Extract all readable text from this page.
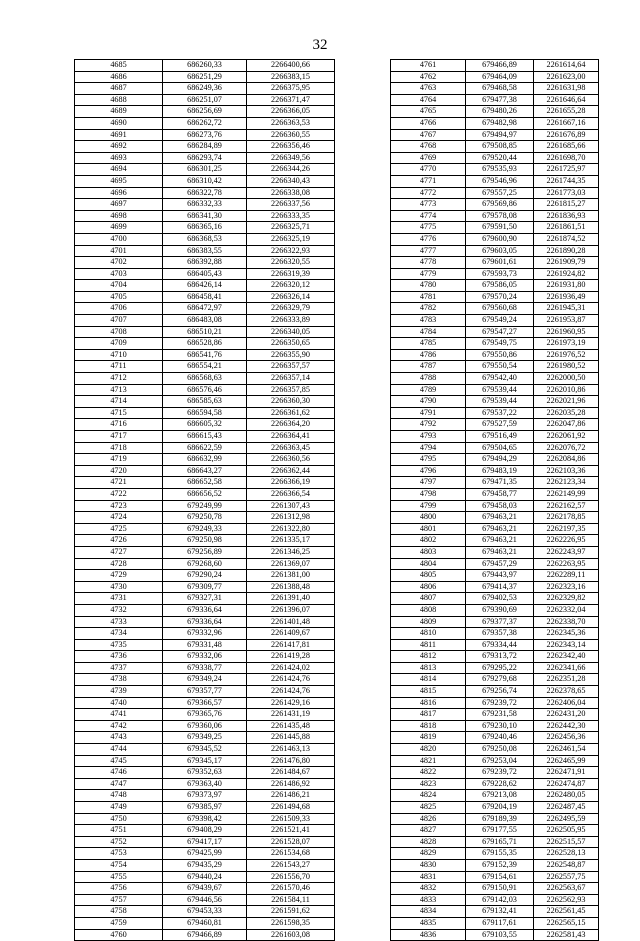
32
4685	686260,33	2266400,66
4686	686251,29	2266383,15
4687	686249,36	2266375,95
4688	686251,07	2266371,47
4689	686256,69	2266366,05
4690	686262,72	2266363,53
4691	686273,76	2266360,55
4692	686284,89	2266356,46
4693	686293,74	2266349,56
4694	686301,25	2266344,26
4695	686310,42	2266340,43
4696	686322,78	2266338,08
4697	686332,33	2266337,56
4698	686341,30	2266333,35
4699	686365,16	2266325,71
4700	686368,53	2266325,19
4701	686383,55	2266322,93
4702	686392,88	2266320,55
4703	686405,43	2266319,39
4704	686426,14	2266320,12
4705	686458,41	2266326,14
4706	686472,97	2266329,79
4707	686483,08	2266333,89
4708	686510,21	2266340,05
4709	686528,86	2266350,65
4710	686541,76	2266355,90
4711	686554,21	2266357,57
4712	686568,63	2266357,14
4713	686576,46	2266357,85
4714	686585,63	2266360,30
4715	686594,58	2266361,62
4716	686605,32	2266364,20
4717	686615,43	2266364,41
4718	686622,59	2266363,45
4719	686632,99	2266360,56
4720	686643,27	2266362,44
4721	686652,58	2266366,19
4722	686656,52	2266366,54
4723	679249,99	2261307,43
4724	679250,78	2261312,98
4725	679249,33	2261322,80
4726	679250,98	2261335,17
4727	679256,89	2261346,25
4728	679268,60	2261369,07
4729	679290,24	2261381,00
4730	679309,77	2261388,48
4731	679327,31	2261391,40
4732	679336,64	2261396,07
4733	679336,64	2261401,48
4734	679332,96	2261409,67
4735	679331,48	2261417,81
4736	679332,06	2261419,28
4737	679338,77	2261424,02
4738	679349,24	2261424,76
4739	679357,77	2261424,76
4740	679366,57	2261429,16
4741	679365,76	2261431,19
4742	679360,06	2261435,48
4743	679349,25	2261445,88
4744	679345,52	2261463,13
4745	679345,17	2261476,80
4746	679352,63	2261484,67
4747	679363,40	2261486,92
4748	679373,97	2261486,21
4749	679385,97	2261494,68
4750	679398,42	2261509,33
4751	679408,29	2261521,41
4752	679417,17	2261528,07
4753	679425,99	2261534,68
4754	679435,29	2261543,27
4755	679440,24	2261556,70
4756	679439,67	2261570,46
4757	679446,56	2261584,11
4758	679453,33	2261591,62
4759	679460,81	2261598,35
4760	679466,89	2261603,08
4761	679466,89	2261614,64
4762	679464,09	2261623,00
4763	679468,58	2261631,98
4764	679477,38	2261646,64
4765	679480,26	2261655,28
4766	679482,98	2261667,16
4767	679494,97	2261676,89
4768	679508,85	2261685,66
4769	679520,44	2261698,70
4770	679535,93	2261725,97
4771	679546,96	2261744,35
4772	679557,25	2261773,03
4773	679569,86	2261815,27
4774	679578,08	2261836,93
4775	679591,50	2261861,51
4776	679600,90	2261874,52
4777	679603,05	2261890,28
4778	679601,61	2261909,79
4779	679593,73	2261924,82
4780	679586,05	2261931,80
4781	679570,24	2261936,49
4782	679560,68	2261945,31
4783	679549,24	2261953,87
4784	679547,27	2261960,95
4785	679549,75	2261973,19
4786	679550,86	2261976,52
4787	679550,54	2261980,52
4788	679542,40	2262000,50
4789	679539,44	2262010,86
4790	679539,44	2262021,96
4791	679537,22	2262035,28
4792	679527,59	2262047,86
4793	679516,49	2262061,92
4794	679504,65	2262076,72
4795	679494,29	2262084,86
4796	679483,19	2262103,36
4797	679471,35	2262123,34
4798	679458,77	2262149,99
4799	679458,03	2262162,57
4800	679463,21	2262178,85
4801	679463,21	2262197,35
4802	679463,21	2262226,95
4803	679463,21	2262243,97
4804	679457,29	2262263,95
4805	679443,97	2262289,11
4806	679414,37	2262323,16
4807	679402,53	2262329,82
4808	679390,69	2262332,04
4809	679377,37	2262338,70
4810	679357,38	2262345,36
4811	679334,44	2262343,14
4812	679313,72	2262342,40
4813	679295,22	2262341,66
4814	679279,68	2262351,28
4815	679256,74	2262378,65
4816	679239,72	2262406,04
4817	679231,58	2262431,20
4818	679230,10	2262442,30
4819	679240,46	2262456,36
4820	679250,08	2262461,54
4821	679253,04	2262465,99
4822	679239,72	2262471,91
4823	679228,62	2262474,87
4824	679213,08	2262480,05
4825	679204,19	2262487,45
4826	679189,39	2262495,59
4827	679177,55	2262505,95
4828	679165,71	2262515,57
4829	679155,35	2262528,13
4830	679152,39	2262548,87
4831	679154,61	2262557,75
4832	679150,91	2262563,67
4833	679142,03	2262562,93
4834	679132,41	2262561,45
4835	679117,61	2262565,15
4836	679103,55	2262581,43
